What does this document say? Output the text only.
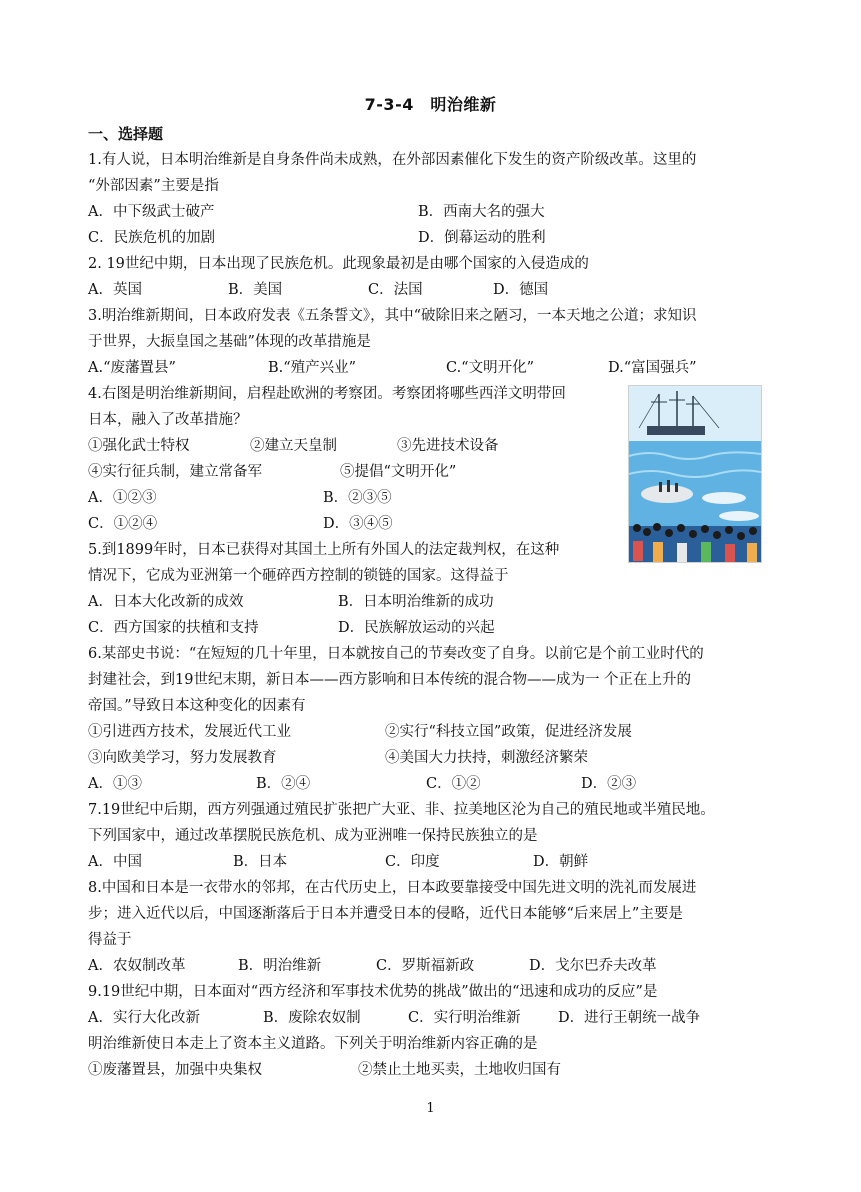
7-3-4　明治维新
一、选择题
1.有人说，日本明治维新是自身条件尚未成熟，在外部因素催化下发生的资产阶级改革。这里的
“外部因素”主要是指
A．中下级武士破产	B．西南大名的强大
C．民族危机的加剧	D．倒幕运动的胜利
2. 19世纪中期，日本出现了民族危机。此现象最初是由哪个国家的入侵造成的
A．英国	B．美国	C．法国	D．德国
3.明治维新期间，日本政府发表《五条誓文》，其中“破除旧来之陋习，一本天地之公道；求知识
于世界，大振皇国之基础”体现的改革措施是
A.“废藩置县”	B.“殖产兴业”	C.“文明开化”	D.“富国强兵”
4.右图是明治维新期间，启程赴欧洲的考察团。考察团将哪些西洋文明带回
日本，融入了改革措施？
①强化武士特权	②建立天皇制	③先进技术设备
④实行征兵制，建立常备军	⑤提倡“文明开化”
A．①②③	B．②③⑤
C．①②④	D．③④⑤
5.到1899年时，日本已获得对其国土上所有外国人的法定裁判权，在这种
情况下，它成为亚洲第一个砸碎西方控制的锁链的国家。这得益于
A．日本大化改新的成效	B．日本明治维新的成功
C．西方国家的扶植和支持	D．民族解放运动的兴起
6.某部史书说：“在短短的几十年里，日本就按自己的节奏改变了自身。以前它是个前工业时代的
封建社会，到19世纪末期，新日本——西方影响和日本传统的混合物——成为一 个正在上升的
帝国。”导致日本这种变化的因素有
①引进西方技术，发展近代工业	②实行“科技立国”政策，促进经济发展
③向欧美学习，努力发展教育	④美国大力扶持，刺激经济繁荣
A．①③	B．②④	C．①②	D．②③
7.19世纪中后期，西方列强通过殖民扩张把广大亚、非、拉美地区沦为自己的殖民地或半殖民地。
下列国家中，通过改革摆脱民族危机、成为亚洲唯一保持民族独立的是
A．中国	B．日本	C．印度	D．朝鲜
8.中国和日本是一衣带水的邻邦，在古代历史上，日本政要靠接受中国先进文明的洗礼而发展进
步；进入近代以后，中国逐渐落后于日本并遭受日本的侵略，近代日本能够“后来居上”主要是
得益于
A．农奴制改革	B．明治维新	C．罗斯福新政	D．戈尔巴乔夫改革
9.19世纪中期，日本面对“西方经济和军事技术优势的挑战”做出的“迅速和成功的反应”是
A．实行大化改新	B．废除农奴制	C．实行明治维新	D．进行王朝统一战争
明治维新使日本走上了资本主义道路。下列关于明治维新内容正确的是
①废藩置县，加强中央集权	②禁止土地买卖，土地收归国有
1
